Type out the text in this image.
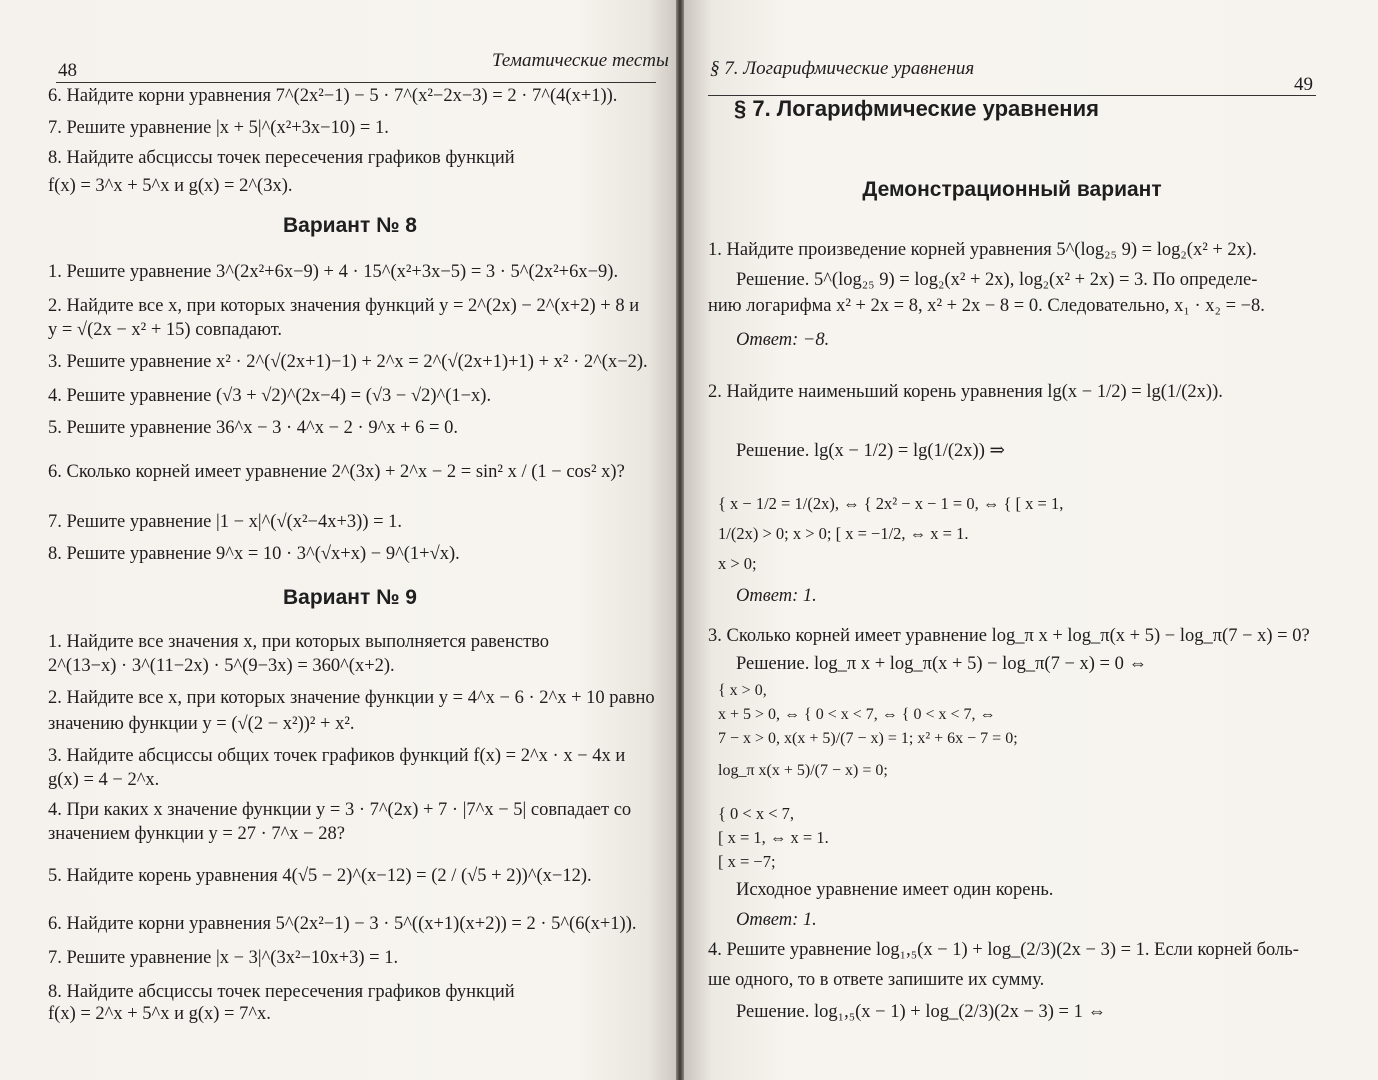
48	Тематические тесты
6. Найдите корни уравнения 7^(2x²−1) − 5 · 7^(x²−2x−3) = 2 · 7^(4(x+1)).
7. Решите уравнение |x + 5|^(x²+3x−10) = 1.
8. Найдите абсциссы точек пересечения графиков функций
f(x) = 3^x + 5^x и g(x) = 2^(3x).
Вариант № 8
1. Решите уравнение 3^(2x²+6x−9) + 4 · 15^(x²+3x−5) = 3 · 5^(2x²+6x−9).
2. Найдите все x, при которых значения функций y = 2^(2x) − 2^(x+2) + 8 и
y = √(2x − x² + 15) совпадают.
3. Решите уравнение x² · 2^(√(2x+1)−1) + 2^x = 2^(√(2x+1)+1) + x² · 2^(x−2).
4. Решите уравнение (√3 + √2)^(2x−4) = (√3 − √2)^(1−x).
5. Решите уравнение 36^x − 3 · 4^x − 2 · 9^x + 6 = 0.
6. Сколько корней имеет уравнение 2^(3x) + 2^x − 2 = sin² x / (1 − cos² x)?
7. Решите уравнение |1 − x|^(√(x²−4x+3)) = 1.
8. Решите уравнение 9^x = 10 · 3^(√x+x) − 9^(1+√x).
Вариант № 9
1. Найдите все значения x, при которых выполняется равенство
2^(13−x) · 3^(11−2x) · 5^(9−3x) = 360^(x+2).
2. Найдите все x, при которых значение функции y = 4^x − 6 · 2^x + 10 равно
значению функции y = (√(2 − x²))² + x².
3. Найдите абсциссы общих точек графиков функций f(x) = 2^x · x − 4x и
g(x) = 4 − 2^x.
4. При каких x значение функции y = 3 · 7^(2x) + 7 · |7^x − 5| совпадает со
значением функции y = 27 · 7^x − 28?
5. Найдите корень уравнения 4(√5 − 2)^(x−12) = (2 / (√5 + 2))^(x−12).
6. Найдите корни уравнения 5^(2x²−1) − 3 · 5^((x+1)(x+2)) = 2 · 5^(6(x+1)).
7. Решите уравнение |x − 3|^(3x²−10x+3) = 1.
8. Найдите абсциссы точек пересечения графиков функций
f(x) = 2^x + 5^x и g(x) = 7^x.
§ 7. Логарифмические уравнения
49
§ 7. Логарифмические уравнения
Демонстрационный вариант
1. Найдите произведение корней уравнения 5^(log₂₅ 9) = log₂(x² + 2x).
Решение. 5^(log₂₅ 9) = log₂(x² + 2x), log₂(x² + 2x) = 3. По определе-
нию логарифма x² + 2x = 8, x² + 2x − 8 = 0. Следовательно, x₁ · x₂ = −8.
Ответ: −8.
2. Найдите наименьший корень уравнения lg(x − 1/2) = lg(1/(2x)).
Решение. lg(x − 1/2) = lg(1/(2x)) ⇒
{ x − 1/2 = 1/(2x), ⇔ { 2x² − x − 1 = 0, ⇔ { [ x = 1,
1/(2x) > 0; x > 0; [ x = −1/2, ⇔ x = 1.
x > 0;
Ответ: 1.
3. Сколько корней имеет уравнение log_π x + log_π(x + 5) − log_π(7 − x) = 0?
Решение. log_π x + log_π(x + 5) − log_π(7 − x) = 0 ⇔
{ x > 0,
x + 5 > 0, ⇔ { 0 < x < 7, ⇔ { 0 < x < 7, ⇔
7 − x > 0, x(x + 5)/(7 − x) = 1; x² + 6x − 7 = 0;
log_π x(x + 5)/(7 − x) = 0;
{ 0 < x < 7,
[ x = 1, ⇔ x = 1.
[ x = −7;
Исходное уравнение имеет один корень.
Ответ: 1.
4. Решите уравнение log₁,₅(x − 1) + log_(2/3)(2x − 3) = 1. Если корней боль-
ше одного, то в ответе запишите их сумму.
Решение. log₁,₅(x − 1) + log_(2/3)(2x − 3) = 1 ⇔
